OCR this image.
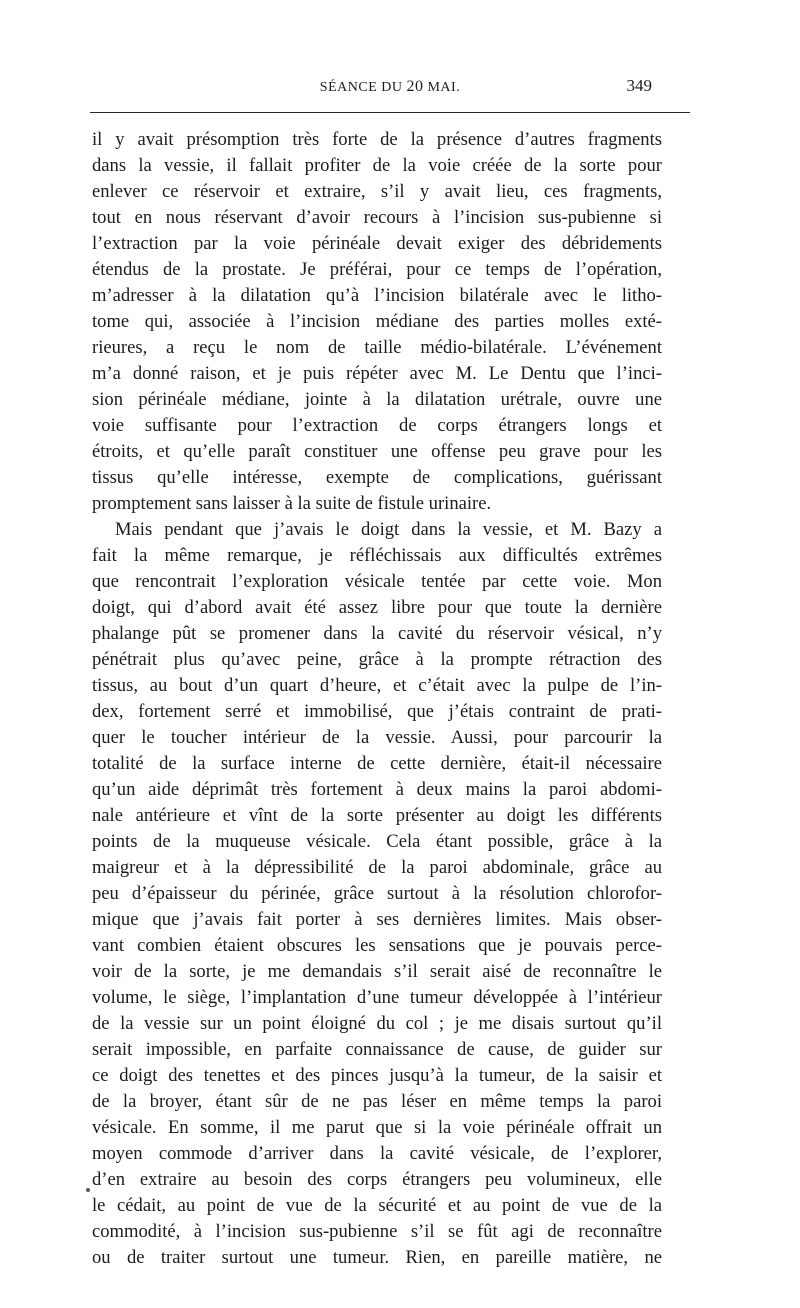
SÉANCE DU 20 MAI.	349
il y avait présomption très forte de la présence d’autres fragments
dans la vessie, il fallait profiter de la voie créée de la sorte pour
enlever ce réservoir et extraire, s’il y avait lieu, ces fragments,
tout en nous réservant d’avoir recours à l’incision sus-pubienne si
l’extraction par la voie périnéale devait exiger des débridements
étendus de la prostate. Je préférai, pour ce temps de l’opération,
m’adresser à la dilatation qu’à l’incision bilatérale avec le litho-
tome qui, associée à l’incision médiane des parties molles exté-
rieures, a reçu le nom de taille médio-bilatérale. L’événement
m’a donné raison, et je puis répéter avec M. Le Dentu que l’inci-
sion périnéale médiane, jointe à la dilatation urétrale, ouvre une
voie suffisante pour l’extraction de corps étrangers longs et
étroits, et qu’elle paraît constituer une offense peu grave pour les
tissus qu’elle intéresse, exempte de complications, guérissant
promptement sans laisser à la suite de fistule urinaire.
Mais pendant que j’avais le doigt dans la vessie, et M. Bazy a
fait la même remarque, je réfléchissais aux difficultés extrêmes
que rencontrait l’exploration vésicale tentée par cette voie. Mon
doigt, qui d’abord avait été assez libre pour que toute la dernière
phalange pût se promener dans la cavité du réservoir vésical, n’y
pénétrait plus qu’avec peine, grâce à la prompte rétraction des
tissus, au bout d’un quart d’heure, et c’était avec la pulpe de l’in-
dex, fortement serré et immobilisé, que j’étais contraint de prati-
quer le toucher intérieur de la vessie. Aussi, pour parcourir la
totalité de la surface interne de cette dernière, était-il nécessaire
qu’un aide déprimât très fortement à deux mains la paroi abdomi-
nale antérieure et vînt de la sorte présenter au doigt les différents
points de la muqueuse vésicale. Cela étant possible, grâce à la
maigreur et à la dépressibilité de la paroi abdominale, grâce au
peu d’épaisseur du périnée, grâce surtout à la résolution chlorofor-
mique que j’avais fait porter à ses dernières limites. Mais obser-
vant combien étaient obscures les sensations que je pouvais perce-
voir de la sorte, je me demandais s’il serait aisé de reconnaître le
volume, le siège, l’implantation d’une tumeur développée à l’intérieur
de la vessie sur un point éloigné du col ; je me disais surtout qu’il
serait impossible, en parfaite connaissance de cause, de guider sur
ce doigt des tenettes et des pinces jusqu’à la tumeur, de la saisir et
de la broyer, étant sûr de ne pas léser en même temps la paroi
vésicale. En somme, il me parut que si la voie périnéale offrait un
moyen commode d’arriver dans la cavité vésicale, de l’explorer,
d’en extraire au besoin des corps étrangers peu volumineux, elle
le cédait, au point de vue de la sécurité et au point de vue de la
commodité, à l’incision sus-pubienne s’il se fût agi de reconnaître
ou de traiter surtout une tumeur. Rien, en pareille matière, ne
